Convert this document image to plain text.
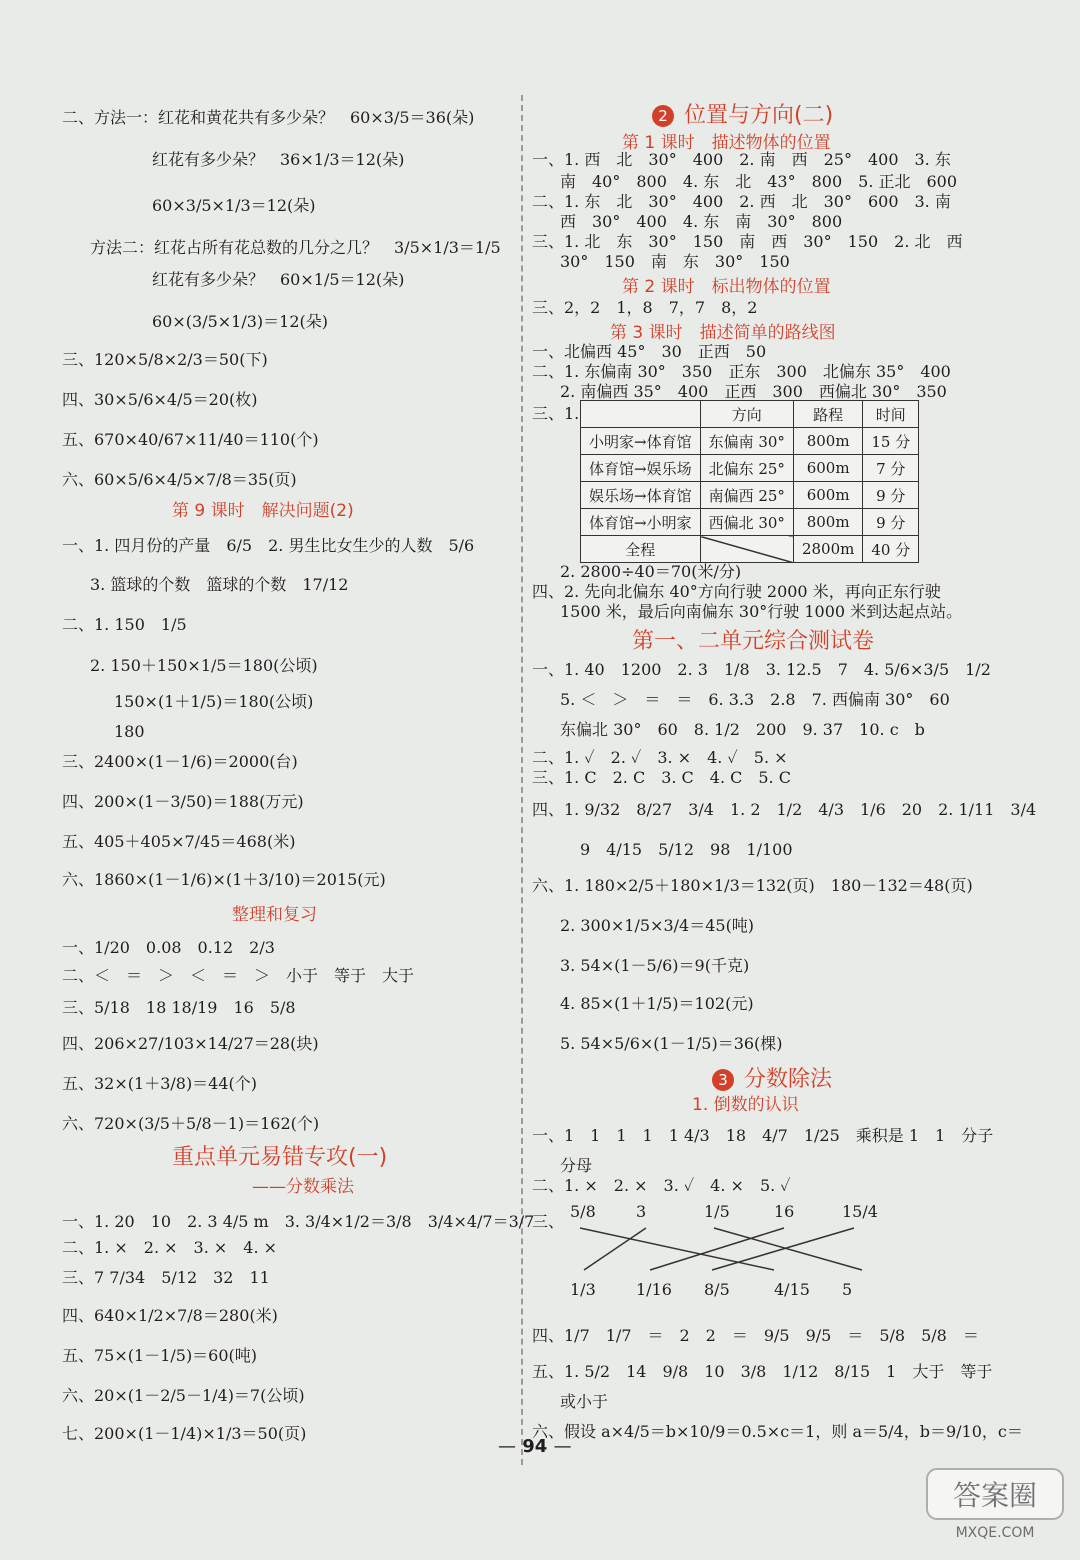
二、方法一：红花和黄花共有多少朵？　60×3/5＝36(朵)
红花有多少朵？　36×1/3＝12(朵)
60×3/5×1/3＝12(朵)
方法二：红花占所有花总数的几分之几？　3/5×1/3＝1/5
红花有多少朵？　60×1/5＝12(朵)
60×(3/5×1/3)＝12(朵)
三、120×5/8×2/3＝50(下)
四、30×5/6×4/5＝20(枚)
五、670×40/67×11/40＝110(个)
六、60×5/6×4/5×7/8＝35(页)
一、1. 四月份的产量　6/5　2. 男生比女生少的人数　5/6
3. 篮球的个数　篮球的个数　17/12
二、1. 150　1/5
2. 150＋150×1/5＝180(公顷)
150×(1＋1/5)＝180(公顷)
180
三、2400×(1－1/6)＝2000(台)
四、200×(1－3/50)＝188(万元)
五、405＋405×7/45＝468(米)
六、1860×(1－1/6)×(1＋3/10)＝2015(元)
一、1/20　0.08　0.12　2/3
二、＜　＝　＞　＜　＝　＞　小于　等于　大于
三、5/18　18 18/19　16　5/8
四、206×27/103×14/27＝28(块)
五、32×(1＋3/8)＝44(个)
六、720×(3/5＋5/8－1)＝162(个)
一、1. 20　10　2. 3 4/5 m　3. 3/4×1/2＝3/8　3/4×4/7＝3/7
二、1. ×　2. ×　3. ×　4. ×
三、7 7/34　5/12　32　11
四、640×1/2×7/8＝280(米)
五、75×(1－1/5)＝60(吨)
六、20×(1－2/5－1/4)＝7(公顷)
七、200×(1－1/4)×1/3＝50(页)
第 9 课时　解决问题(2)
整理和复习
重点单元易错专攻(一)
——分数乘法
2 位置与方向(二)
3 分数除法
	方向	路程	时间
小明家→体育馆	东偏南 30°	800m	15 分
体育馆→娱乐场	北偏东 25°	600m	7 分
娱乐场→体育馆	南偏西 25°	600m	9 分
体育馆→小明家	西偏北 30°	800m	9 分
全程		2800m	40 分
5/8	3	1/5	16	15/4
1/3	1/16 8/5	4/15 5
一、1. 西　北　30°　400　2. 南　西　25°　400　3. 东
南　40°　800　4. 东　北　43°　800　5. 正北　600
二、1. 东　北　30°　400　2. 西　北　30°　600　3. 南
西　30°　400　4. 东　南　30°　800
三、1. 北　东　30°　150　南　西　30°　150　2. 北　西
30°　150　南　东　30°　150
三、2，2　1，8　7，7　8，2
一、北偏西 45°　30　正西　50
二、1. 东偏南 30°　350　正东　300　北偏东 35°　400
2. 南偏西 35°　400　正西　300　西偏北 30°　350
三、1.
2. 2800÷40＝70(米/分)
四、2. 先向北偏东 40°方向行驶 2000 米，再向正东行驶
1500 米，最后向南偏东 30°行驶 1000 米到达起点站。
一、1. 40　1200　2. 3　1/8　3. 12.5　7　4. 5/6×3/5　1/2
5. ＜　＞　＝　＝　6. 3.3　2.8　7. 西偏南 30°　60
东偏北 30°　60　8. 1/2　200　9. 37　10. c　b
二、1. ✓　2. ✓　3. ×　4. ✓　5. ×
三、1. C　2. C　3. C　4. C　5. C
四、1. 9/32　8/27　3/4　1. 2　1/2　4/3　1/6　20　2. 1/11　3/4
9　4/15　5/12　98　1/100
六、1. 180×2/5＋180×1/3＝132(页)　180－132＝48(页)
2. 300×1/5×3/4＝45(吨)
3. 54×(1－5/6)＝9(千克)
4. 85×(1＋1/5)＝102(元)
5. 54×5/6×(1－1/5)＝36(棵)
一、1　1　1　1　1 4/3　18　4/7　1/25　乘积是 1　1　分子
分母
二、1. ×　2. ×　3. ✓　4. ×　5. ✓
三、
四、1/7　1/7　＝　2　2　＝　9/5　9/5　＝　5/8　5/8　＝
五、1. 5/2　14　9/8　10　3/8　1/12　8/15　1　大于　等于
或小于
六、假设 a×4/5＝b×10/9＝0.5×c＝1，则 a＝5/4，b＝9/10，c＝
第 1 课时　描述物体的位置
第 2 课时　标出物体的位置
第 3 课时　描述简单的路线图
第一、二单元综合测试卷
1. 倒数的认识
— 94 —
答案圈
MXQE.COM
